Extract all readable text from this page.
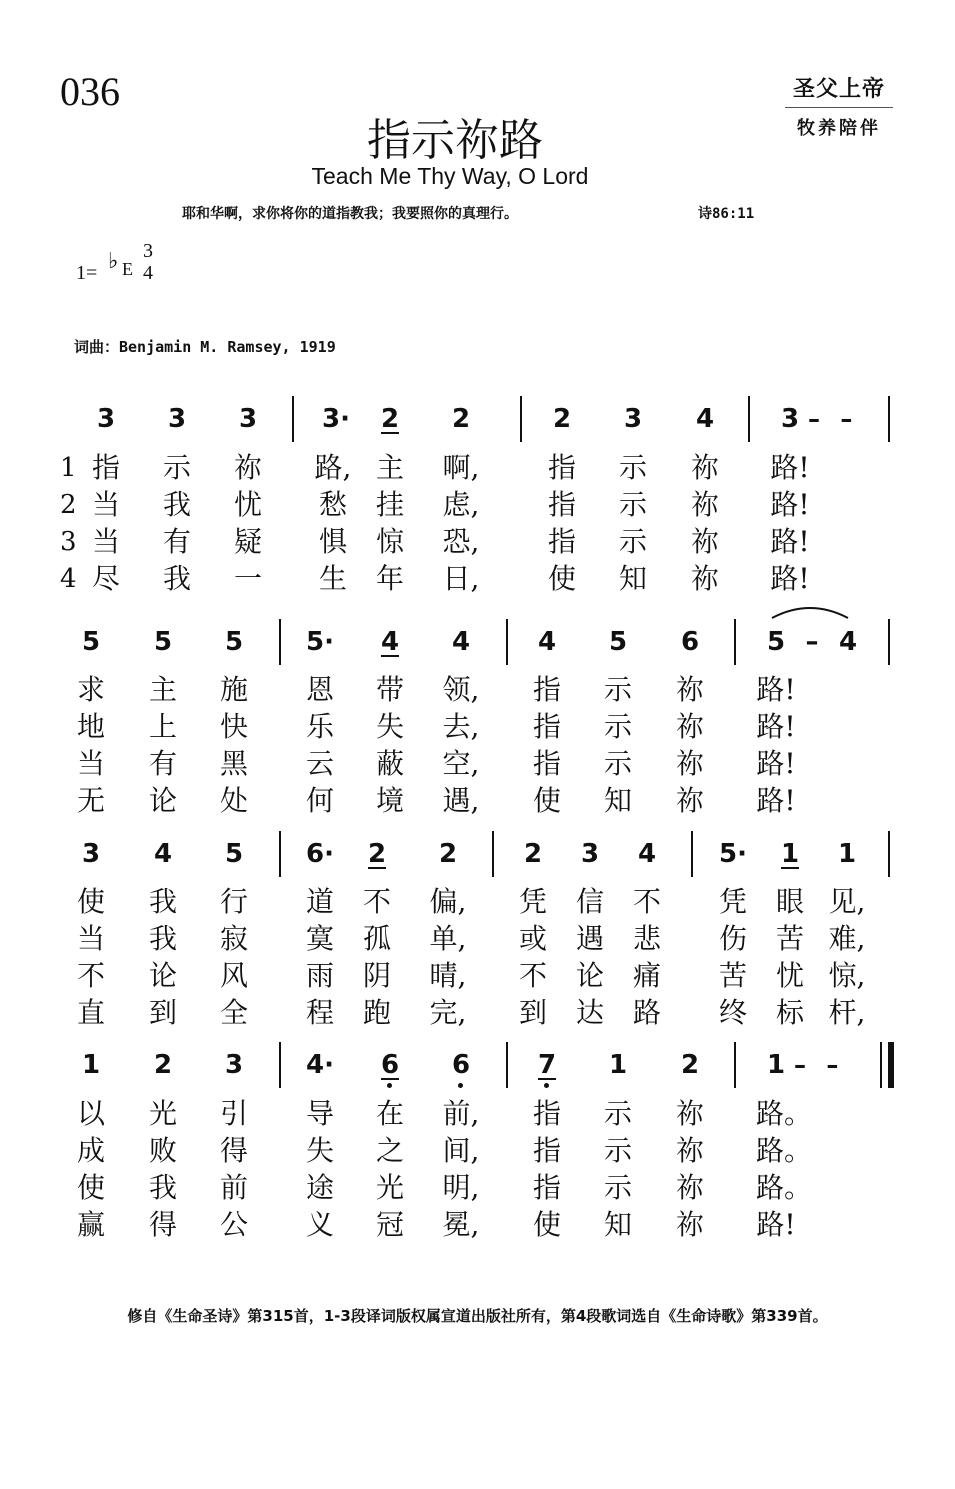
036	圣父上帝
牧养陪伴
指示祢路
Teach Me Thy Way, O Lord
耶和华啊，求你将你的道指教我；我要照你的真理行。	诗86:11
1= ♭ E
3
4
词曲：Benjamin M. Ramsey, 1919
3	3	3	3·	2	2	2	3	4	3 – –
1
2
3
4
指 示 祢 路, 主 啊, 指 示 祢 路!
当 我 忧 愁 挂 虑, 指 示 祢 路!
当 有 疑 惧 惊 恐, 指 示 祢 路!
尽 我 一 生 年 日, 使 知 祢 路!
5	5	5	5·	4	4	4	5	6	5 – 4
求 主 施 恩 带 领, 指 示 祢 路!
地 上 快 乐 失 去, 指 示 祢 路!
当 有 黑 云 蔽 空, 指 示 祢 路!
无 论 处 何 境 遇, 使 知 祢 路!
3	4	5	6·	2	2	2	3	4	5·	1	1
使 我 行 道 不 偏, 凭 信 不 凭 眼 见,
当 我 寂 寞 孤 单, 或 遇 悲 伤 苦 难,
不 论 风 雨 阴 晴, 不 论 痛 苦 忧 惊,
直 到 全 程 跑 完, 到 达 路 终 标 杆,
1	2	3	4·	6	6	7	1	2	1 – –
以 光 引 导 在 前, 指 示 祢 路。
成 败 得 失 之 间, 指 示 祢 路。
使 我 前 途 光 明, 指 示 祢 路。
赢 得 公 义 冠 冕, 使 知 祢 路!
修自《生命圣诗》第315首，1-3段译词版权属宣道出版社所有，第4段歌词选自《生命诗歌》第339首。
